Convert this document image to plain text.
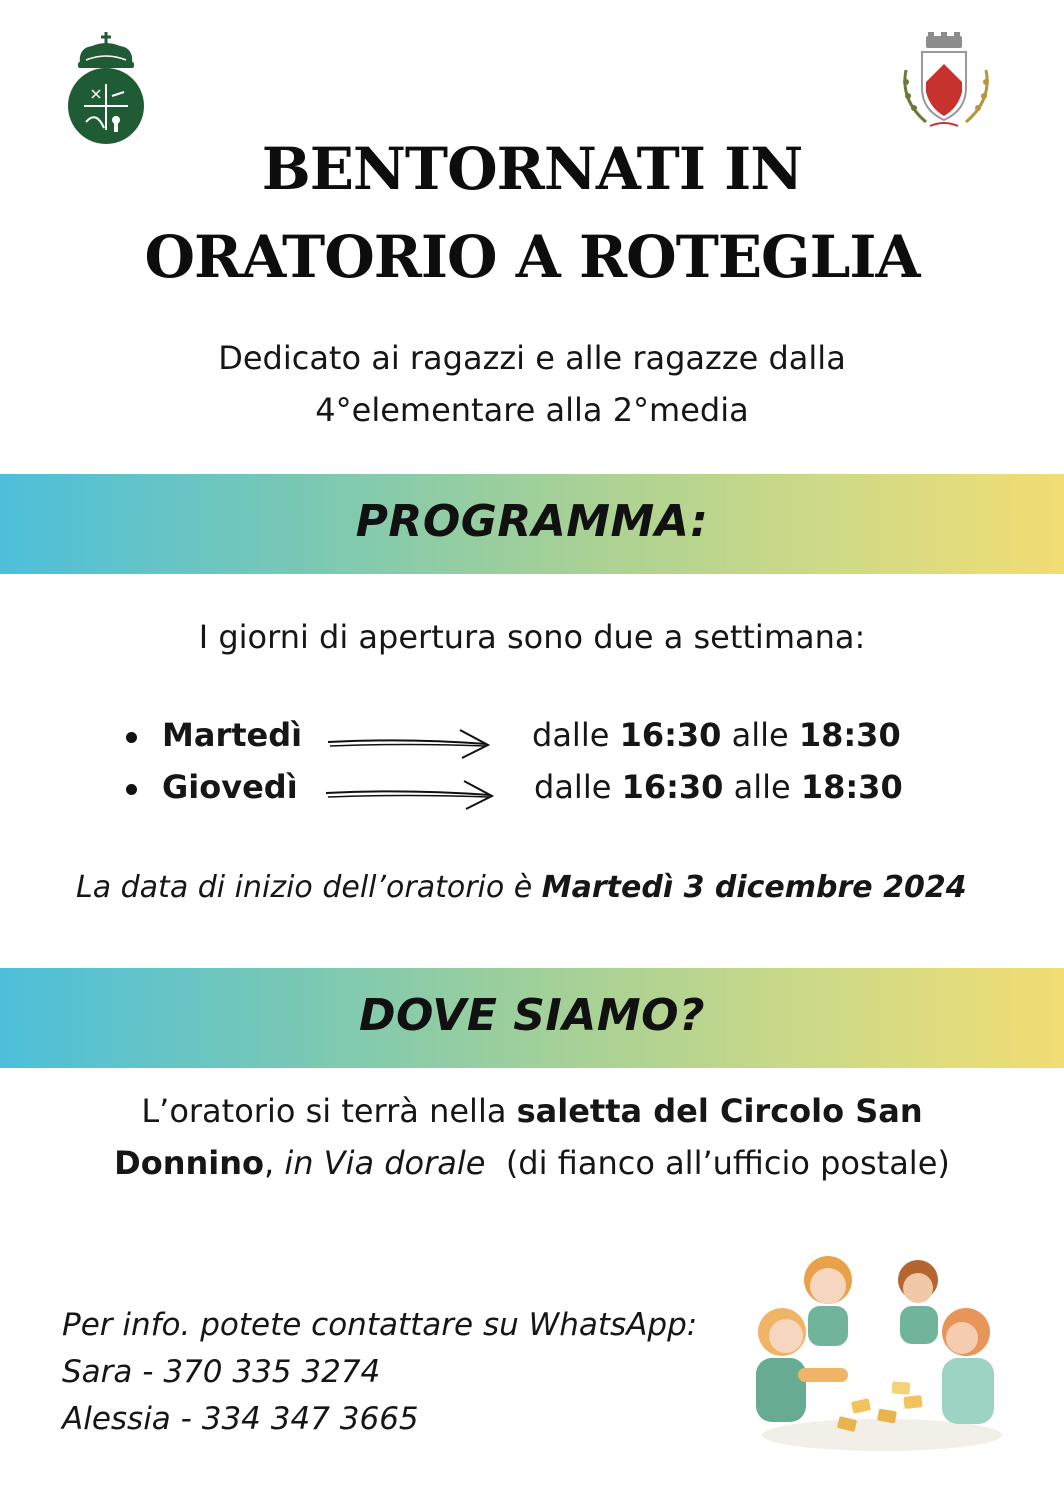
BENTORNATI IN
ORATORIO A ROTEGLIA
Dedicato ai ragazzi e alle ragazze dalla
4°elementare alla 2°media
PROGRAMMA:
I giorni di apertura sono due a settimana:
Martedì	dalle 16:30 alle 18:30
Giovedì	dalle 16:30 alle 18:30
La data di inizio dell’oratorio è Martedì 3 dicembre 2024
DOVE SIAMO?
L’oratorio si terrà nella saletta del Circolo San
Donnino, in Via dorale (di fianco all’ufficio postale)
Per info. potete contattare su WhatsApp:
Sara - 370 335 3274
Alessia - 334 347 3665
